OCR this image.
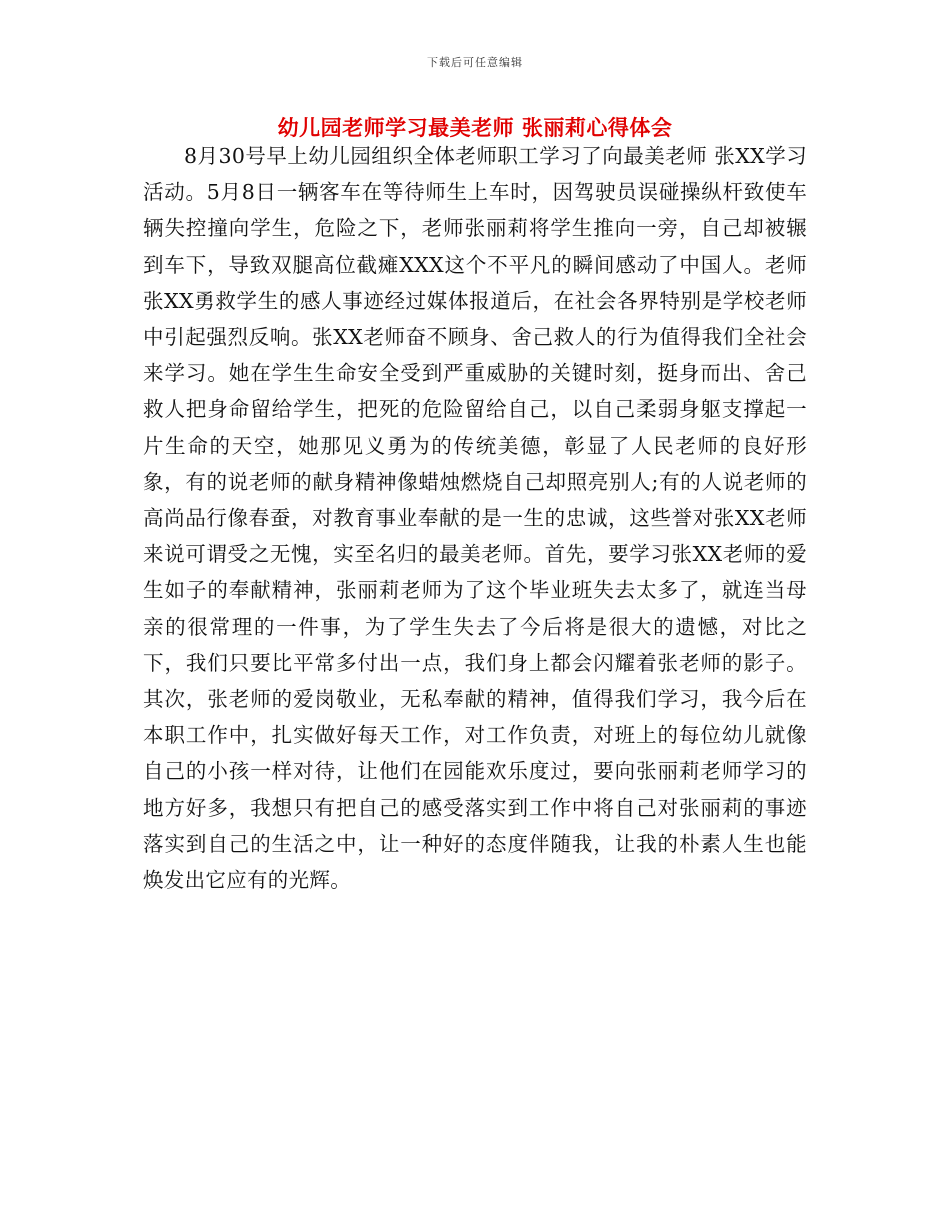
下载后可任意编辑
幼儿园老师学习最美老师 张丽莉心得体会

8月30号早上幼儿园组织全体老师职工学习了向最美老师 张XX学习活动。5月8日一辆客车在等待师生上车时，因驾驶员误碰操纵杆致使车辆失控撞向学生，危险之下，老师张丽莉将学生推向一旁，自己却被辗到车下，导致双腿高位截瘫XXX这个不平凡的瞬间感动了中国人。老师张XX勇救学生的感人事迹经过媒体报道后，在社会各界特别是学校老师中引起强烈反响。张XX老师奋不顾身、舍己救人的行为值得我们全社会来学习。她在学生生命安全受到严重威胁的关键时刻，挺身而出、舍己救人把身命留给学生，把死的危险留给自己，以自己柔弱身躯支撑起一片生命的天空，她那见义勇为的传统美德，彰显了人民老师的良好形象，有的说老师的献身精神像蜡烛燃烧自己却照亮别人;有的人说老师的高尚品行像春蚕，对教育事业奉献的是一生的忠诚，这些誉对张XX老师来说可谓受之无愧，实至名归的最美老师。首先，要学习张XX老师的爱生如子的奉献精神，张丽莉老师为了这个毕业班失去太多了，就连当母亲的很常理的一件事，为了学生失去了今后将是很大的遗憾，对比之下，我们只要比平常多付出一点，我们身上都会闪耀着张老师的影子。其次，张老师的爱岗敬业，无私奉献的精神，值得我们学习，我今后在本职工作中，扎实做好每天工作，对工作负责，对班上的每位幼儿就像自己的小孩一样对待，让他们在园能欢乐度过，要向张丽莉老师学习的地方好多，我想只有把自己的感受落实到工作中将自己对张丽莉的事迹落实到自己的生活之中，让一种好的态度伴随我，让我的朴素人生也能焕发出它应有的光辉。
